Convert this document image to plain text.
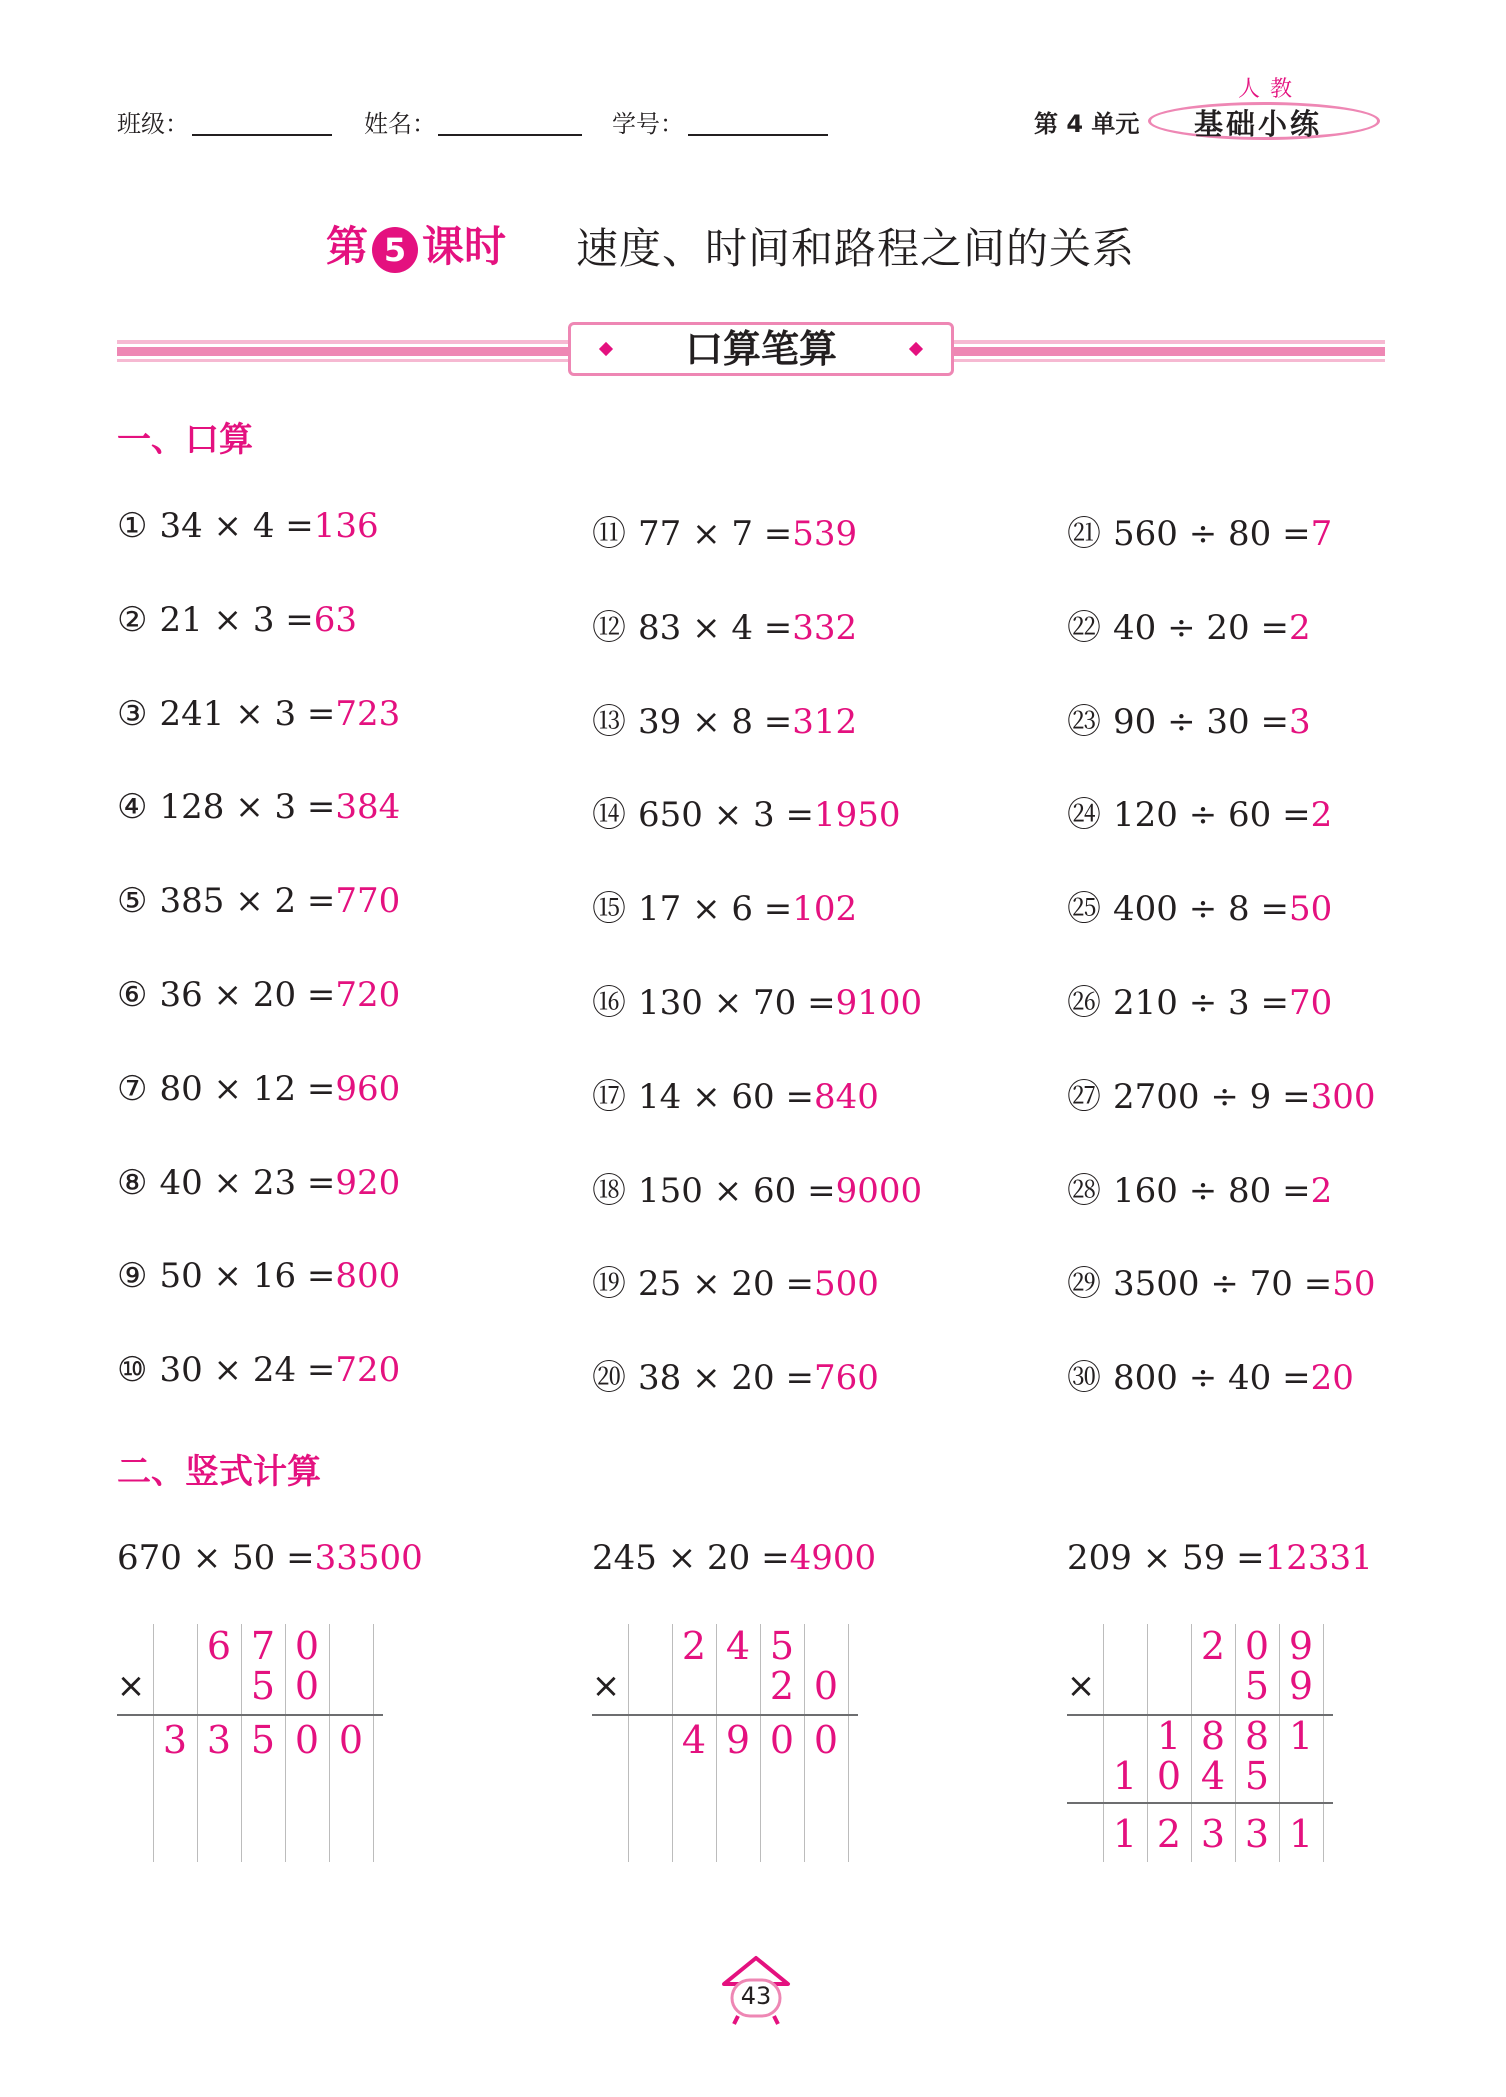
班级：	姓名：	学号：	第 4 单元
人教
基础小练
第 5 课时 速度、时间和路程之间的关系
口算笔算
一、口算
① 34 × 4 =136
② 21 × 3 =63
③ 241 × 3 =723
④ 128 × 3 =384
⑤ 385 × 2 =770
⑥ 36 × 20 =720
⑦ 80 × 12 =960
⑧ 40 × 23 =920
⑨ 50 × 16 =800
⑩ 30 × 24 =720
⑪ 77 × 7 =539
⑫ 83 × 4 =332
⑬ 39 × 8 =312
⑭ 650 × 3 =1950
⑮ 17 × 6 =102
⑯ 130 × 70 =9100
⑰ 14 × 60 =840
⑱ 150 × 60 =9000
⑲ 25 × 20 =500
⑳ 38 × 20 =760
㉑ 560 ÷ 80 =7
㉒ 40 ÷ 20 =2
㉓ 90 ÷ 30 =3
㉔ 120 ÷ 60 =2
㉕ 400 ÷ 8 =50
㉖ 210 ÷ 3 =70
㉗ 2700 ÷ 9 =300
㉘ 160 ÷ 80 =2
㉙ 3500 ÷ 70 =50
㉚ 800 ÷ 40 =20
二、竖式计算
670 × 50 =33500
×
6 7 0
5 0
3 3 5 0 0
245 × 20 =4900
×
2 4 5
2 0
4 9 0 0
209 × 59 =12331
×
2 0 9
5 9
1 8 8 1
1 0 4 5
1 2 3 3 1
43
